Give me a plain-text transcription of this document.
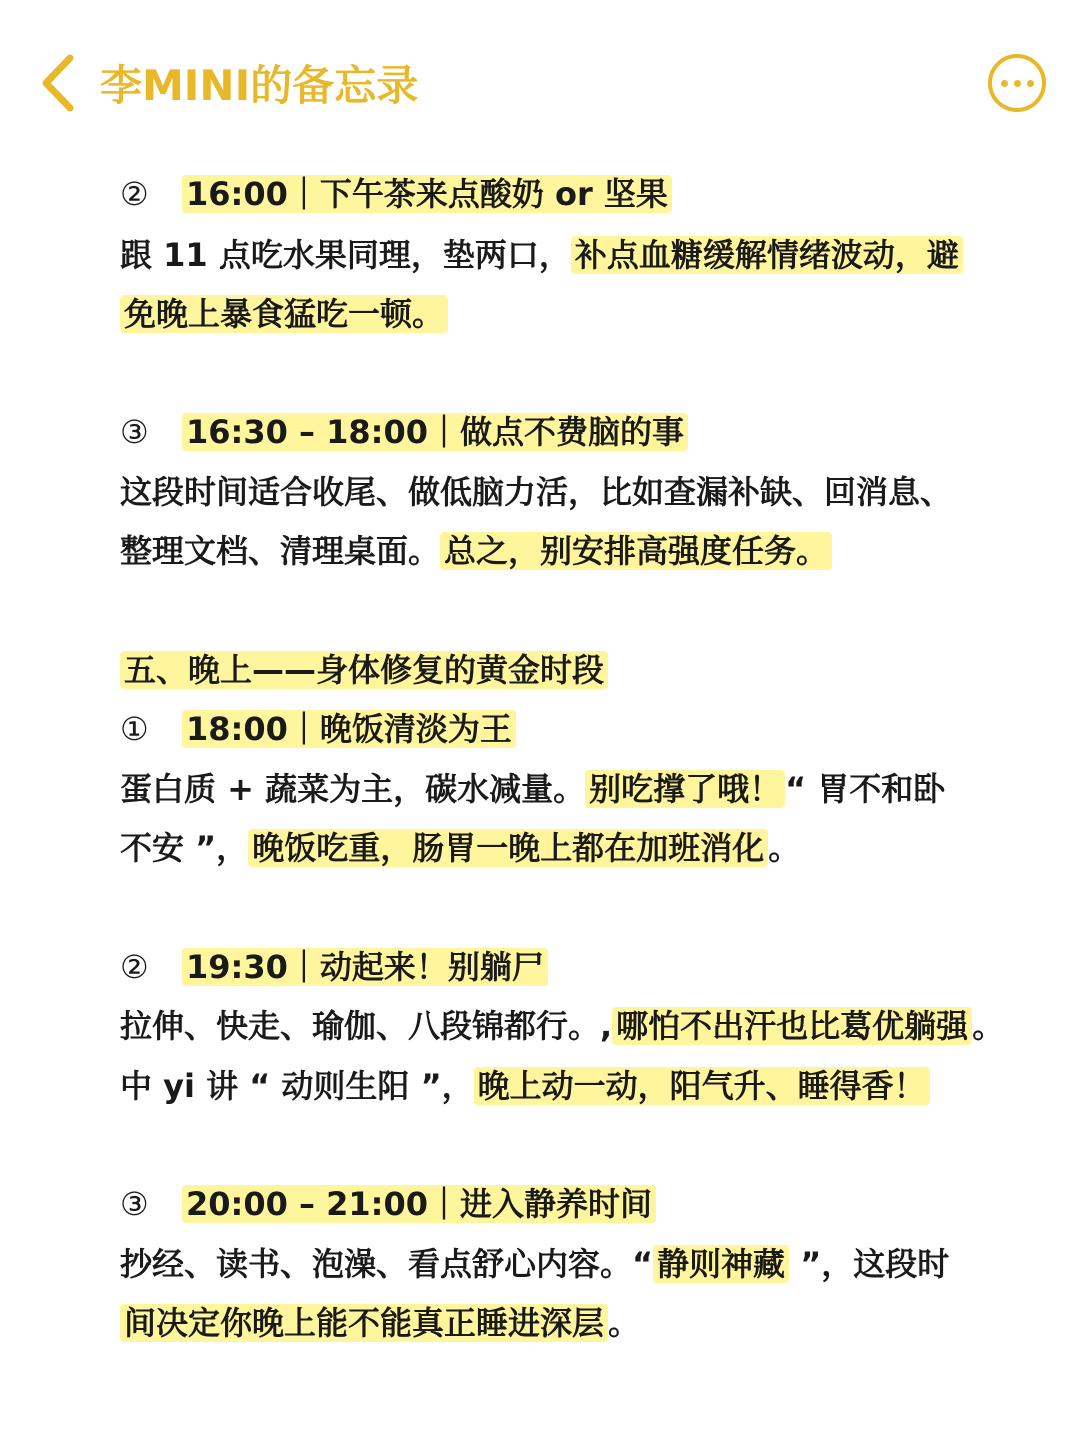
李MINI的备忘录
② 16:00｜下午茶来点酸奶 or 坚果
跟 11 点吃水果同理，垫两口， 补点血糖缓解情绪波动，避
免晚上暴食猛吃一顿。
③ 16:30 – 18:00｜做点不费脑的事
这段时间适合收尾、做低脑力活，比如查漏补缺、回消息、
整理文档、清理桌面。 总之，别安排高强度任务。
五、晚上——身体修复的黄金时段
① 18:00｜晚饭清淡为王
蛋白质 + 蔬菜为主，碳水减量。 别吃撑了哦！ “ 胃不和卧
不安 ”， 晚饭吃重，肠胃一晚上都在加班消化 。
② 19:30｜动起来！别躺尸
拉伸、快走、瑜伽、八段锦都行。, 哪怕不出汗也比葛优躺强 。
中 yi 讲 “ 动则生阳 ”， 晚上动一动，阳气升、睡得香！
③ 20:00 – 21:00｜进入静养时间
抄经、读书、泡澡、看点舒心内容。“ 静则神藏 ”，这段时
间决定你晚上能不能真正睡进深层 。
